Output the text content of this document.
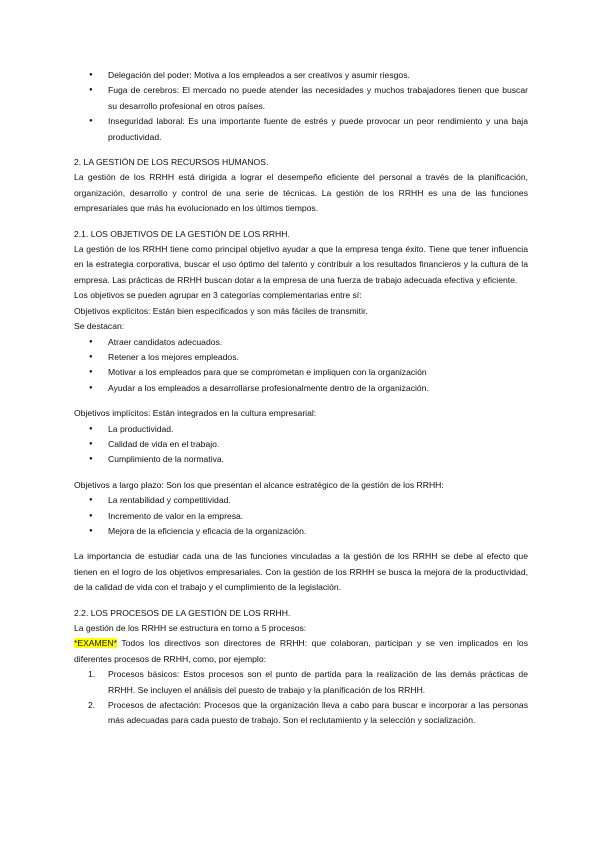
● Delegación del poder: Motiva a los empleados a ser creativos y asumir riesgos.
● Fuga de cerebros: El mercado no puede atender las necesidades y muchos trabajadores tienen que buscar su desarrollo profesional en otros países.
● Inseguridad laboral: Es una importante fuente de estrés y puede provocar un peor rendimiento y una baja productividad.

2. LA GESTIÓN DE LOS RECURSOS HUMANOS.

La gestión de los RRHH está dirigida a lograr el desempeño eficiente del personal a través de la planificación, organización, desarrollo y control de una serie de técnicas. La gestión de los RRHH es una de las funciones empresariales que más ha evolucionado en los últimos tiempos.

2.1. LOS OBJETIVOS DE LA GESTIÓN DE LOS RRHH.

La gestión de los RRHH tiene como principal objetivo ayudar a que la empresa tenga éxito. Tiene que tener influencia en la estrategia corporativa, buscar el uso óptimo del talento y contribuir a los resultados financieros y la cultura de la empresa. Las prácticas de RRHH buscan dotar a la empresa de una fuerza de trabajo adecuada efectiva y eficiente.

Los objetivos se pueden agrupar en 3 categorías complementarias entre sí:

Objetivos explícitos: Están bien especificados y son más fáciles de transmitir.

Se destacan:

● Atraer candidatos adecuados.
● Retener a los mejores empleados.
● Motivar a los empleados para que se comprometan e impliquen con la organización
● Ayudar a los empleados a desarrollarse profesionalmente dentro de la organización.

Objetivos implícitos: Están integrados en la cultura empresarial:

● La productividad.
● Calidad de vida en el trabajo.
● Cumplimiento de la normativa.

Objetivos a largo plazo: Son los que presentan el alcance estratégico de la gestión de los RRHH:

● La rentabilidad y competitividad.
● Incremento de valor en la empresa.
● Mejora de la eficiencia y eficacia de la organización.

La importancia de estudiar cada una de las funciones vinculadas a la gestión de los RRHH se debe al efecto que tienen en el logro de los objetivos empresariales. Con la gestión de los RRHH se busca la mejora de la productividad, de la calidad de vida con el trabajo y el cumplimiento de la legislación.

2.2. LOS PROCESOS DE LA GESTIÓN DE LOS RRHH.

La gestión de los RRHH se estructura en torno a 5 procesos:

*EXAMEN* Todos los directivos son directores de RRHH: que colaboran, participan y se ven implicados en los diferentes procesos de RRHH, como, por ejemplo:

1. Procesos básicos: Estos procesos son el punto de partida para la realización de las demás prácticas de RRHH. Se incluyen el análisis del puesto de trabajo y la planificación de los RRHH.
2. Procesos de afectación: Procesos que la organización lleva a cabo para buscar e incorporar a las personas más adecuadas para cada puesto de trabajo. Son el reclutamiento y la selección y socialización.
